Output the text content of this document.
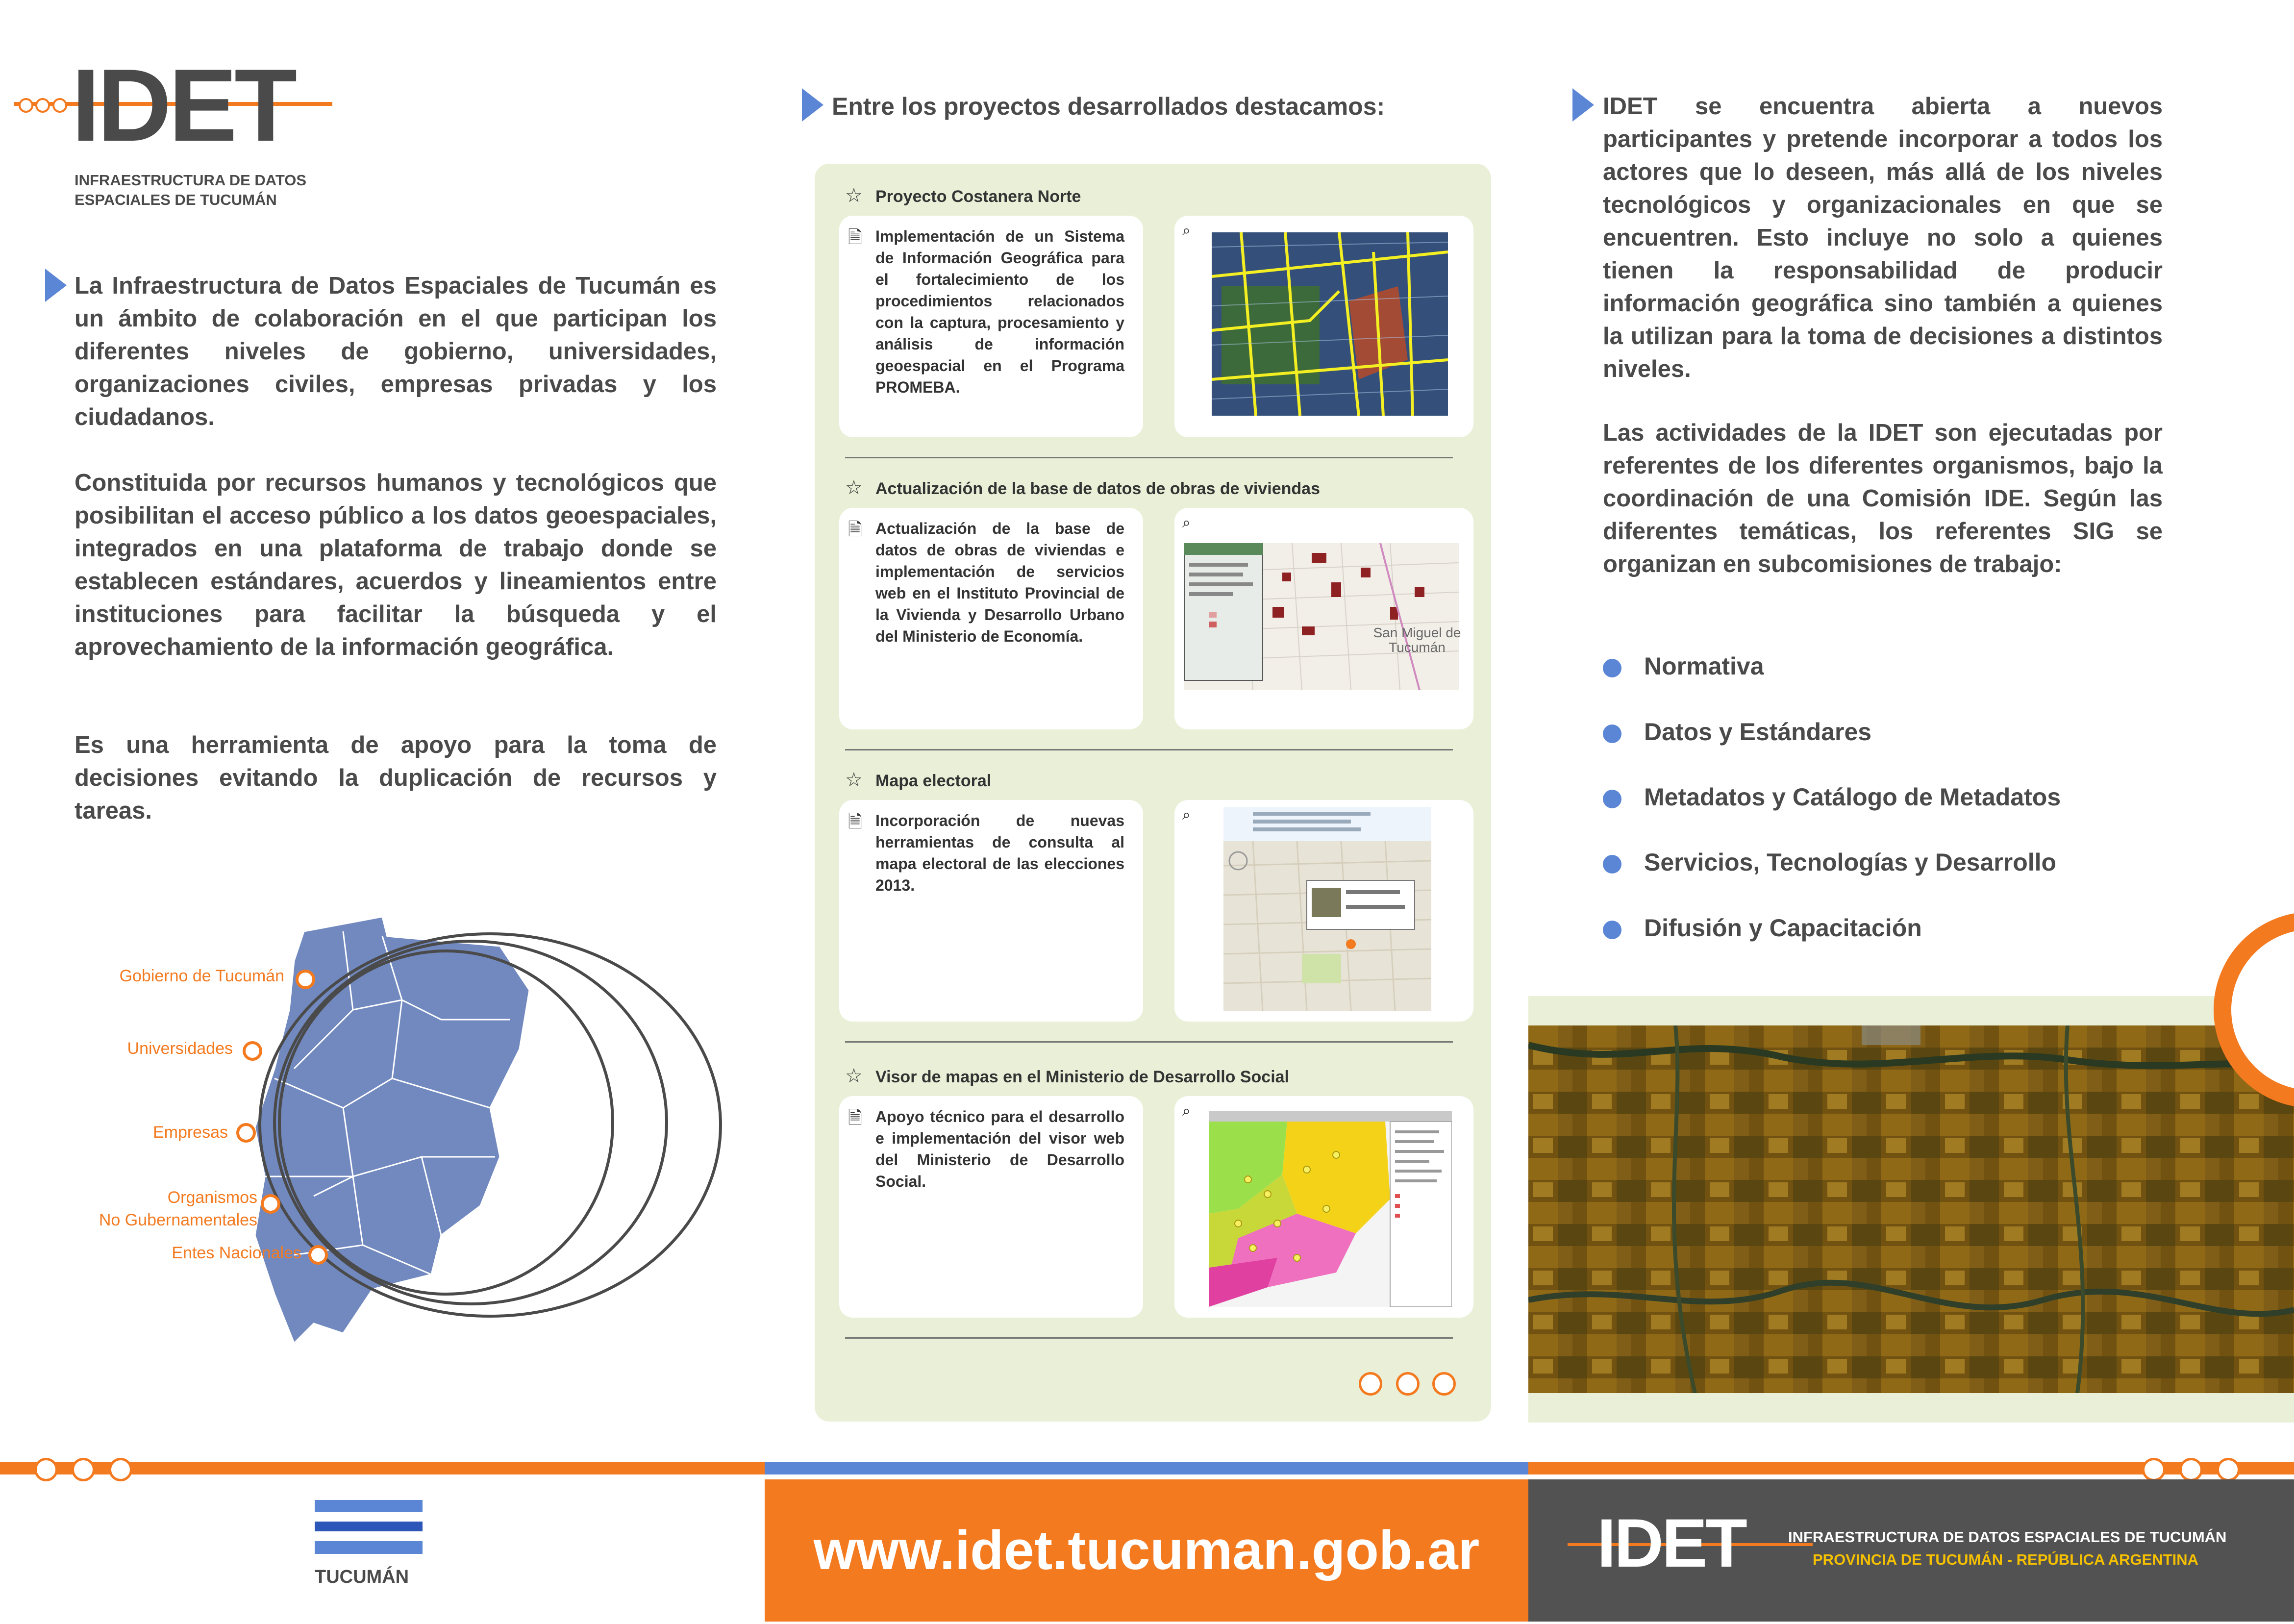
IDET
INFRAESTRUCTURA DE DATOS
ESPACIALES DE TUCUMÁN
La Infraestructura de Datos Espaciales de Tucumán es un ámbito de colaboración en el que participan los diferentes niveles de gobierno, universidades, organizaciones civiles, empresas privadas y los ciudadanos.
Constituida por recursos humanos y tecnológicos que posibilitan el acceso público a los datos geoespaciales, integrados en una plataforma de trabajo donde se establecen estándares, acuerdos y lineamientos entre instituciones para facilitar la búsqueda y el aprovechamiento de la información geográfica.
Es una herramienta de apoyo para la toma de decisiones evitando la duplicación de recursos y tareas.
Gobierno de Tucumán
Universidades
Empresas
Organismos
No Gubernamentales
Entes Nacionales
Entre los proyectos desarrollados destacamos:
☆ Proyecto Costanera Norte
🗎 Implementación de un Sistema de Información Geográfica para el fortalecimiento de los procedimientos relacionados con la captura, procesamiento y análisis de información geoespacial en el Programa PROMEBA.
⌕
☆ Actualización de la base de datos de obras de viviendas
🗎 Actualización de la base de datos de obras de viviendas e implementación de servicios web en el Instituto Provincial de la Vivienda y Desarrollo Urbano del Ministerio de Economía.
⌕
San Miguel de Tucumán
☆ Mapa electoral
🗎 Incorporación de nuevas herramientas de consulta al mapa electoral de las elecciones 2013.
⌕
☆ Visor de mapas en el Ministerio de Desarrollo Social
🗎 Apoyo técnico para el desarrollo e implementación del visor web del Ministerio de Desarrollo Social.
⌕
IDET se encuentra abierta a nuevos participantes y pretende incorporar a todos los actores que lo deseen, más allá de los niveles tecnológicos y organizacionales en que se encuentren. Esto incluye no solo a quienes tienen la responsabilidad de producir información geográfica sino también a quienes la utilizan para la toma de decisiones a distintos niveles.
Las actividades de la IDET son ejecutadas por referentes de los diferentes organismos, bajo la coordinación de una Comisión IDE. Según las diferentes temáticas, los referentes SIG se organizan en subcomisiones de trabajo:
Normativa
Datos y Estándares
Metadatos y Catálogo de Metadatos
Servicios, Tecnologías y Desarrollo
Difusión y Capacitación
TUCUMÁN	www.idet.tucuman.gob.ar	IDET	INFRAESTRUCTURA DE DATOS ESPACIALES DE TUCUMÁN
PROVINCIA DE TUCUMÁN - REPÚBLICA ARGENTINA
